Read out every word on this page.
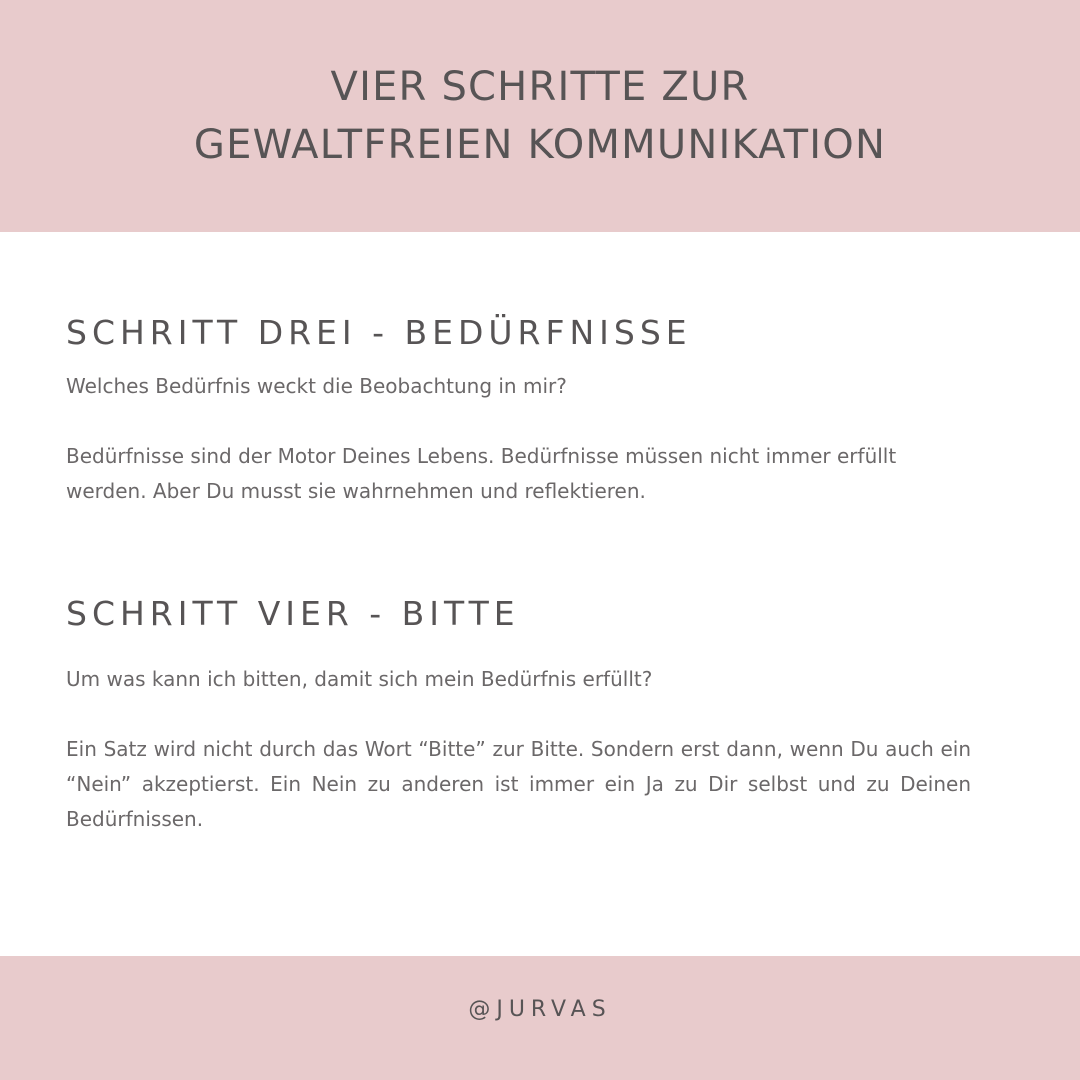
VIER SCHRITTE ZUR
GEWALTFREIEN KOMMUNIKATION
SCHRITT DREI - BEDÜRFNISSE

Welches Bedürfnis weckt die Beobachtung in mir?

Bedürfnisse sind der Motor Deines Lebens. Bedürfnisse müssen nicht immer erfüllt werden. Aber Du musst sie wahrnehmen und reflektieren.

SCHRITT VIER - BITTE

Um was kann ich bitten, damit sich mein Bedürfnis erfüllt?

Ein Satz wird nicht durch das Wort “Bitte” zur Bitte. Sondern erst dann, wenn Du auch ein “Nein” akzeptierst. Ein Nein zu anderen ist immer ein Ja zu Dir selbst und zu Deinen Bedürfnissen.

@JURVAS
